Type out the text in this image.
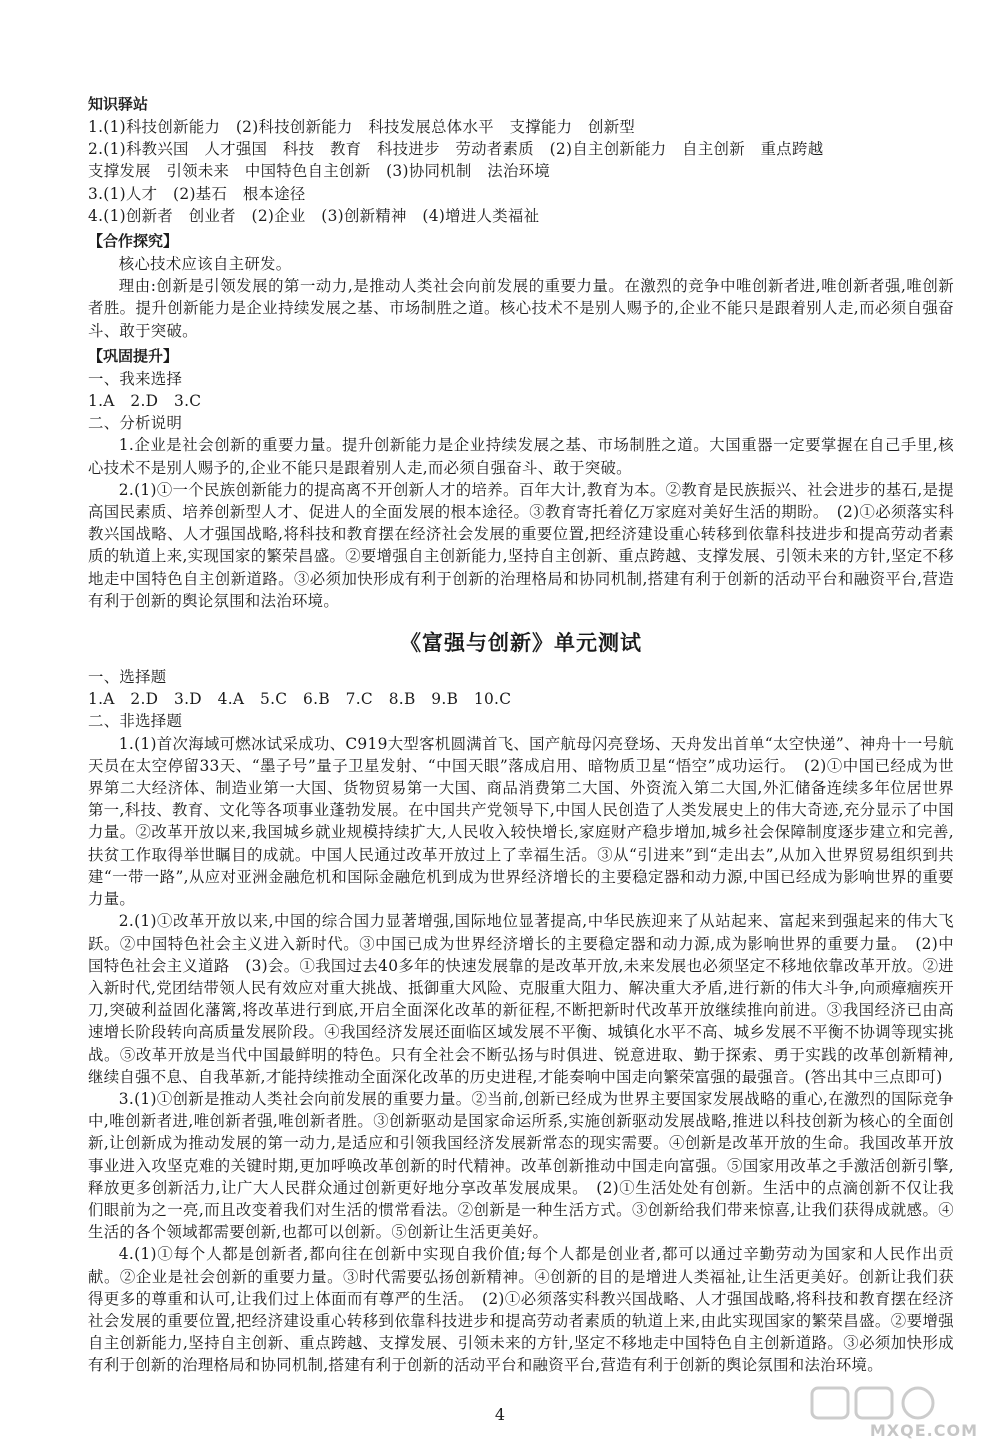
知识驿站

1.(1)科技创新能力　(2)科技创新能力　科技发展总体水平　支撑能力　创新型

2.(1)科教兴国　人才强国　科技　教育　科技进步　劳动者素质　(2)自主创新能力　自主创新　重点跨越

支撑发展　引领未来　中国特色自主创新　(3)协同机制　法治环境

3.(1)人才　(2)基石　根本途径

4.(1)创新者　创业者　(2)企业　(3)创新精神　(4)增进人类福祉

【合作探究】

核心技术应该自主研发。

理由:创新是引领发展的第一动力,是推动人类社会向前发展的重要力量。在激烈的竞争中唯创新者进,唯创新者强,唯创新者胜。提升创新能力是企业持续发展之基、市场制胜之道。核心技术不是别人赐予的,企业不能只是跟着别人走,而必须自强奋斗、敢于突破。

【巩固提升】

一、我来选择

1.A　2.D　3.C

二、分析说明

1.企业是社会创新的重要力量。提升创新能力是企业持续发展之基、市场制胜之道。大国重器一定要掌握在自己手里,核心技术不是别人赐予的,企业不能只是跟着别人走,而必须自强奋斗、敢于突破。

2.(1)①一个民族创新能力的提高离不开创新人才的培养。百年大计,教育为本。②教育是民族振兴、社会进步的基石,是提高国民素质、培养创新型人才、促进人的全面发展的根本途径。③教育寄托着亿万家庭对美好生活的期盼。　(2)①必须落实科教兴国战略、人才强国战略,将科技和教育摆在经济社会发展的重要位置,把经济建设重心转移到依靠科技进步和提高劳动者素质的轨道上来,实现国家的繁荣昌盛。②要增强自主创新能力,坚持自主创新、重点跨越、支撑发展、引领未来的方针,坚定不移地走中国特色自主创新道路。③必须加快形成有利于创新的治理格局和协同机制,搭建有利于创新的活动平台和融资平台,营造有利于创新的舆论氛围和法治环境。

《富强与创新》单元测试

一、选择题

1.A　2.D　3.D　4.A　5.C　6.B　7.C　8.B　9.B　10.C

二、非选择题

1.(1)首次海域可燃冰试采成功、C919大型客机圆满首飞、国产航母闪亮登场、天舟发出首单“太空快递”、神舟十一号航天员在太空停留33天、“墨子号”量子卫星发射、“中国天眼”落成启用、暗物质卫星“悟空”成功运行。　(2)①中国已经成为世界第二大经济体、制造业第一大国、货物贸易第一大国、商品消费第二大国、外资流入第二大国,外汇储备连续多年位居世界第一,科技、教育、文化等各项事业蓬勃发展。在中国共产党领导下,中国人民创造了人类发展史上的伟大奇迹,充分显示了中国力量。②改革开放以来,我国城乡就业规模持续扩大,人民收入较快增长,家庭财产稳步增加,城乡社会保障制度逐步建立和完善,扶贫工作取得举世瞩目的成就。中国人民通过改革开放过上了幸福生活。③从“引进来”到“走出去”,从加入世界贸易组织到共建“一带一路”,从应对亚洲金融危机和国际金融危机到成为世界经济增长的主要稳定器和动力源,中国已经成为影响世界的重要力量。

2.(1)①改革开放以来,中国的综合国力显著增强,国际地位显著提高,中华民族迎来了从站起来、富起来到强起来的伟大飞跃。②中国特色社会主义进入新时代。③中国已成为世界经济增长的主要稳定器和动力源,成为影响世界的重要力量。　(2)中国特色社会主义道路　(3)会。①我国过去40多年的快速发展靠的是改革开放,未来发展也必须坚定不移地依靠改革开放。②进入新时代,党团结带领人民有效应对重大挑战、抵御重大风险、克服重大阻力、解决重大矛盾,进行新的伟大斗争,向顽瘴痼疾开刀,突破利益固化藩篱,将改革进行到底,开启全面深化改革的新征程,不断把新时代改革开放继续推向前进。③我国经济已由高速增长阶段转向高质量发展阶段。④我国经济发展还面临区域发展不平衡、城镇化水平不高、城乡发展不平衡不协调等现实挑战。⑤改革开放是当代中国最鲜明的特色。只有全社会不断弘扬与时俱进、锐意进取、勤于探索、勇于实践的改革创新精神,继续自强不息、自我革新,才能持续推动全面深化改革的历史进程,才能奏响中国走向繁荣富强的最强音。(答出其中三点即可)

3.(1)①创新是推动人类社会向前发展的重要力量。②当前,创新已经成为世界主要国家发展战略的重心,在激烈的国际竞争中,唯创新者进,唯创新者强,唯创新者胜。③创新驱动是国家命运所系,实施创新驱动发展战略,推进以科技创新为核心的全面创新,让创新成为推动发展的第一动力,是适应和引领我国经济发展新常态的现实需要。④创新是改革开放的生命。我国改革开放事业进入攻坚克难的关键时期,更加呼唤改革创新的时代精神。改革创新推动中国走向富强。⑤国家用改革之手激活创新引擎,释放更多创新活力,让广大人民群众通过创新更好地分享改革发展成果。　(2)①生活处处有创新。生活中的点滴创新不仅让我们眼前为之一亮,而且改变着我们对生活的惯常看法。②创新是一种生活方式。③创新给我们带来惊喜,让我们获得成就感。④生活的各个领域都需要创新,也都可以创新。⑤创新让生活更美好。

4.(1)①每个人都是创新者,都向往在创新中实现自我价值;每个人都是创业者,都可以通过辛勤劳动为国家和人民作出贡献。②企业是社会创新的重要力量。③时代需要弘扬创新精神。④创新的目的是增进人类福祉,让生活更美好。创新让我们获得更多的尊重和认可,让我们过上体面而有尊严的生活。　(2)①必须落实科教兴国战略、人才强国战略,将科技和教育摆在经济社会发展的重要位置,把经济建设重心转移到依靠科技进步和提高劳动者素质的轨道上来,由此实现国家的繁荣昌盛。②要增强自主创新能力,坚持自主创新、重点跨越、支撑发展、引领未来的方针,坚定不移地走中国特色自主创新道路。③必须加快形成有利于创新的治理格局和协同机制,搭建有利于创新的活动平台和融资平台,营造有利于创新的舆论氛围和法治环境。

4
MXQE.COM
